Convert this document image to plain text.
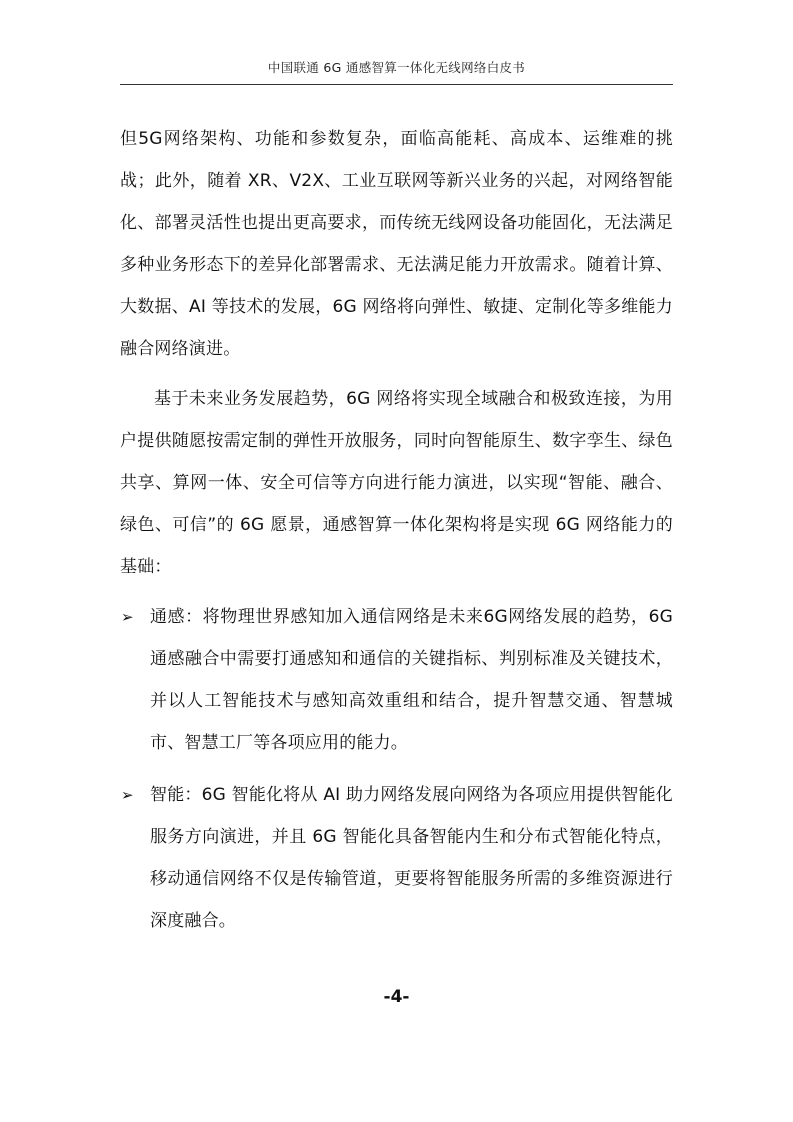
中国联通 6G 通感智算一体化无线网络白皮书

但5G网络架构、功能和参数复杂，面临高能耗、高成本、运维难的挑战；此外，随着 XR、V2X、工业互联网等新兴业务的兴起，对网络智能化、部署灵活性也提出更高要求，而传统无线网设备功能固化，无法满足多种业务形态下的差异化部署需求、无法满足能力开放需求。随着计算、大数据、AI 等技术的发展，6G 网络将向弹性、敏捷、定制化等多维能力融合网络演进。

基于未来业务发展趋势，6G 网络将实现全域融合和极致连接，为用户提供随愿按需定制的弹性开放服务，同时向智能原生、数字孪生、绿色共享、算网一体、安全可信等方向进行能力演进，以实现“智能、融合、绿色、可信”的 6G 愿景，通感智算一体化架构将是实现 6G 网络能力的基础：

➢ 通感：将物理世界感知加入通信网络是未来6G网络发展的趋势，6G 通感融合中需要打通感知和通信的关键指标、判别标准及关键技术，并以人工智能技术与感知高效重组和结合，提升智慧交通、智慧城市、智慧工厂等各项应用的能力。
➢ 智能：6G 智能化将从 AI 助力网络发展向网络为各项应用提供智能化服务方向演进，并且 6G 智能化具备智能内生和分布式智能化特点，移动通信网络不仅是传输管道，更要将智能服务所需的多维资源进行深度融合。
-4-
